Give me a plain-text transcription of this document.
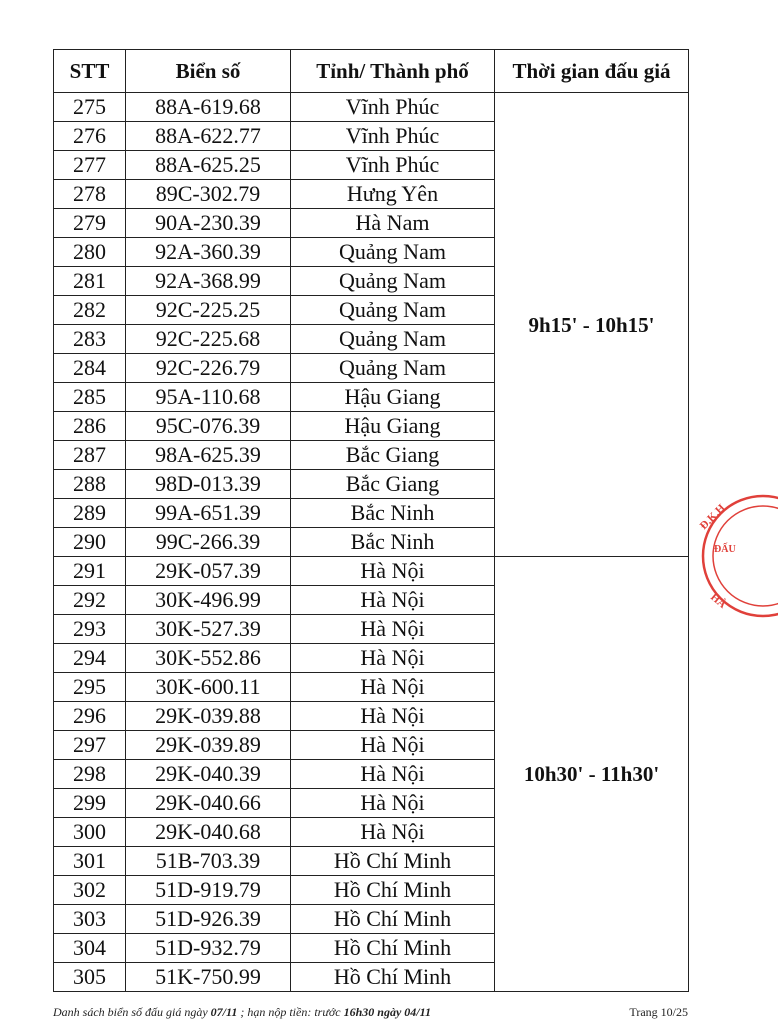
STT	Biển số	Tỉnh/ Thành phố	Thời gian đấu giá
275	88A-619.68	Vĩnh Phúc	9h15' - 10h15'
276	88A-622.77	Vĩnh Phúc	
277	88A-625.25	Vĩnh Phúc	
278	89C-302.79	Hưng Yên	
279	90A-230.39	Hà Nam	
280	92A-360.39	Quảng Nam	
281	92A-368.99	Quảng Nam	
282	92C-225.25	Quảng Nam	
283	92C-225.68	Quảng Nam	
284	92C-226.79	Quảng Nam	
285	95A-110.68	Hậu Giang	
286	95C-076.39	Hậu Giang	
287	98A-625.39	Bắc Giang	
288	98D-013.39	Bắc Giang	
289	99A-651.39	Bắc Ninh	
290	99C-266.39	Bắc Ninh	
291	29K-057.39	Hà Nội	10h30' - 11h30'
292	30K-496.99	Hà Nội	
293	30K-527.39	Hà Nội	
294	30K-552.86	Hà Nội	
295	30K-600.11	Hà Nội	
296	29K-039.88	Hà Nội	
297	29K-039.89	Hà Nội	
298	29K-040.39	Hà Nội	
299	29K-040.66	Hà Nội	
300	29K-040.68	Hà Nội	
301	51B-703.39	Hồ Chí Minh	
302	51D-919.79	Hồ Chí Minh	
303	51D-926.39	Hồ Chí Minh	
304	51D-932.79	Hồ Chí Minh	
305	51K-750.99	Hồ Chí Minh	
Danh sách biển số đấu giá ngày 07/11 ; hạn nộp tiền: trước 16h30 ngày 04/11	Trang 10/25
Đ.K.H
ĐẤU
HÀ
